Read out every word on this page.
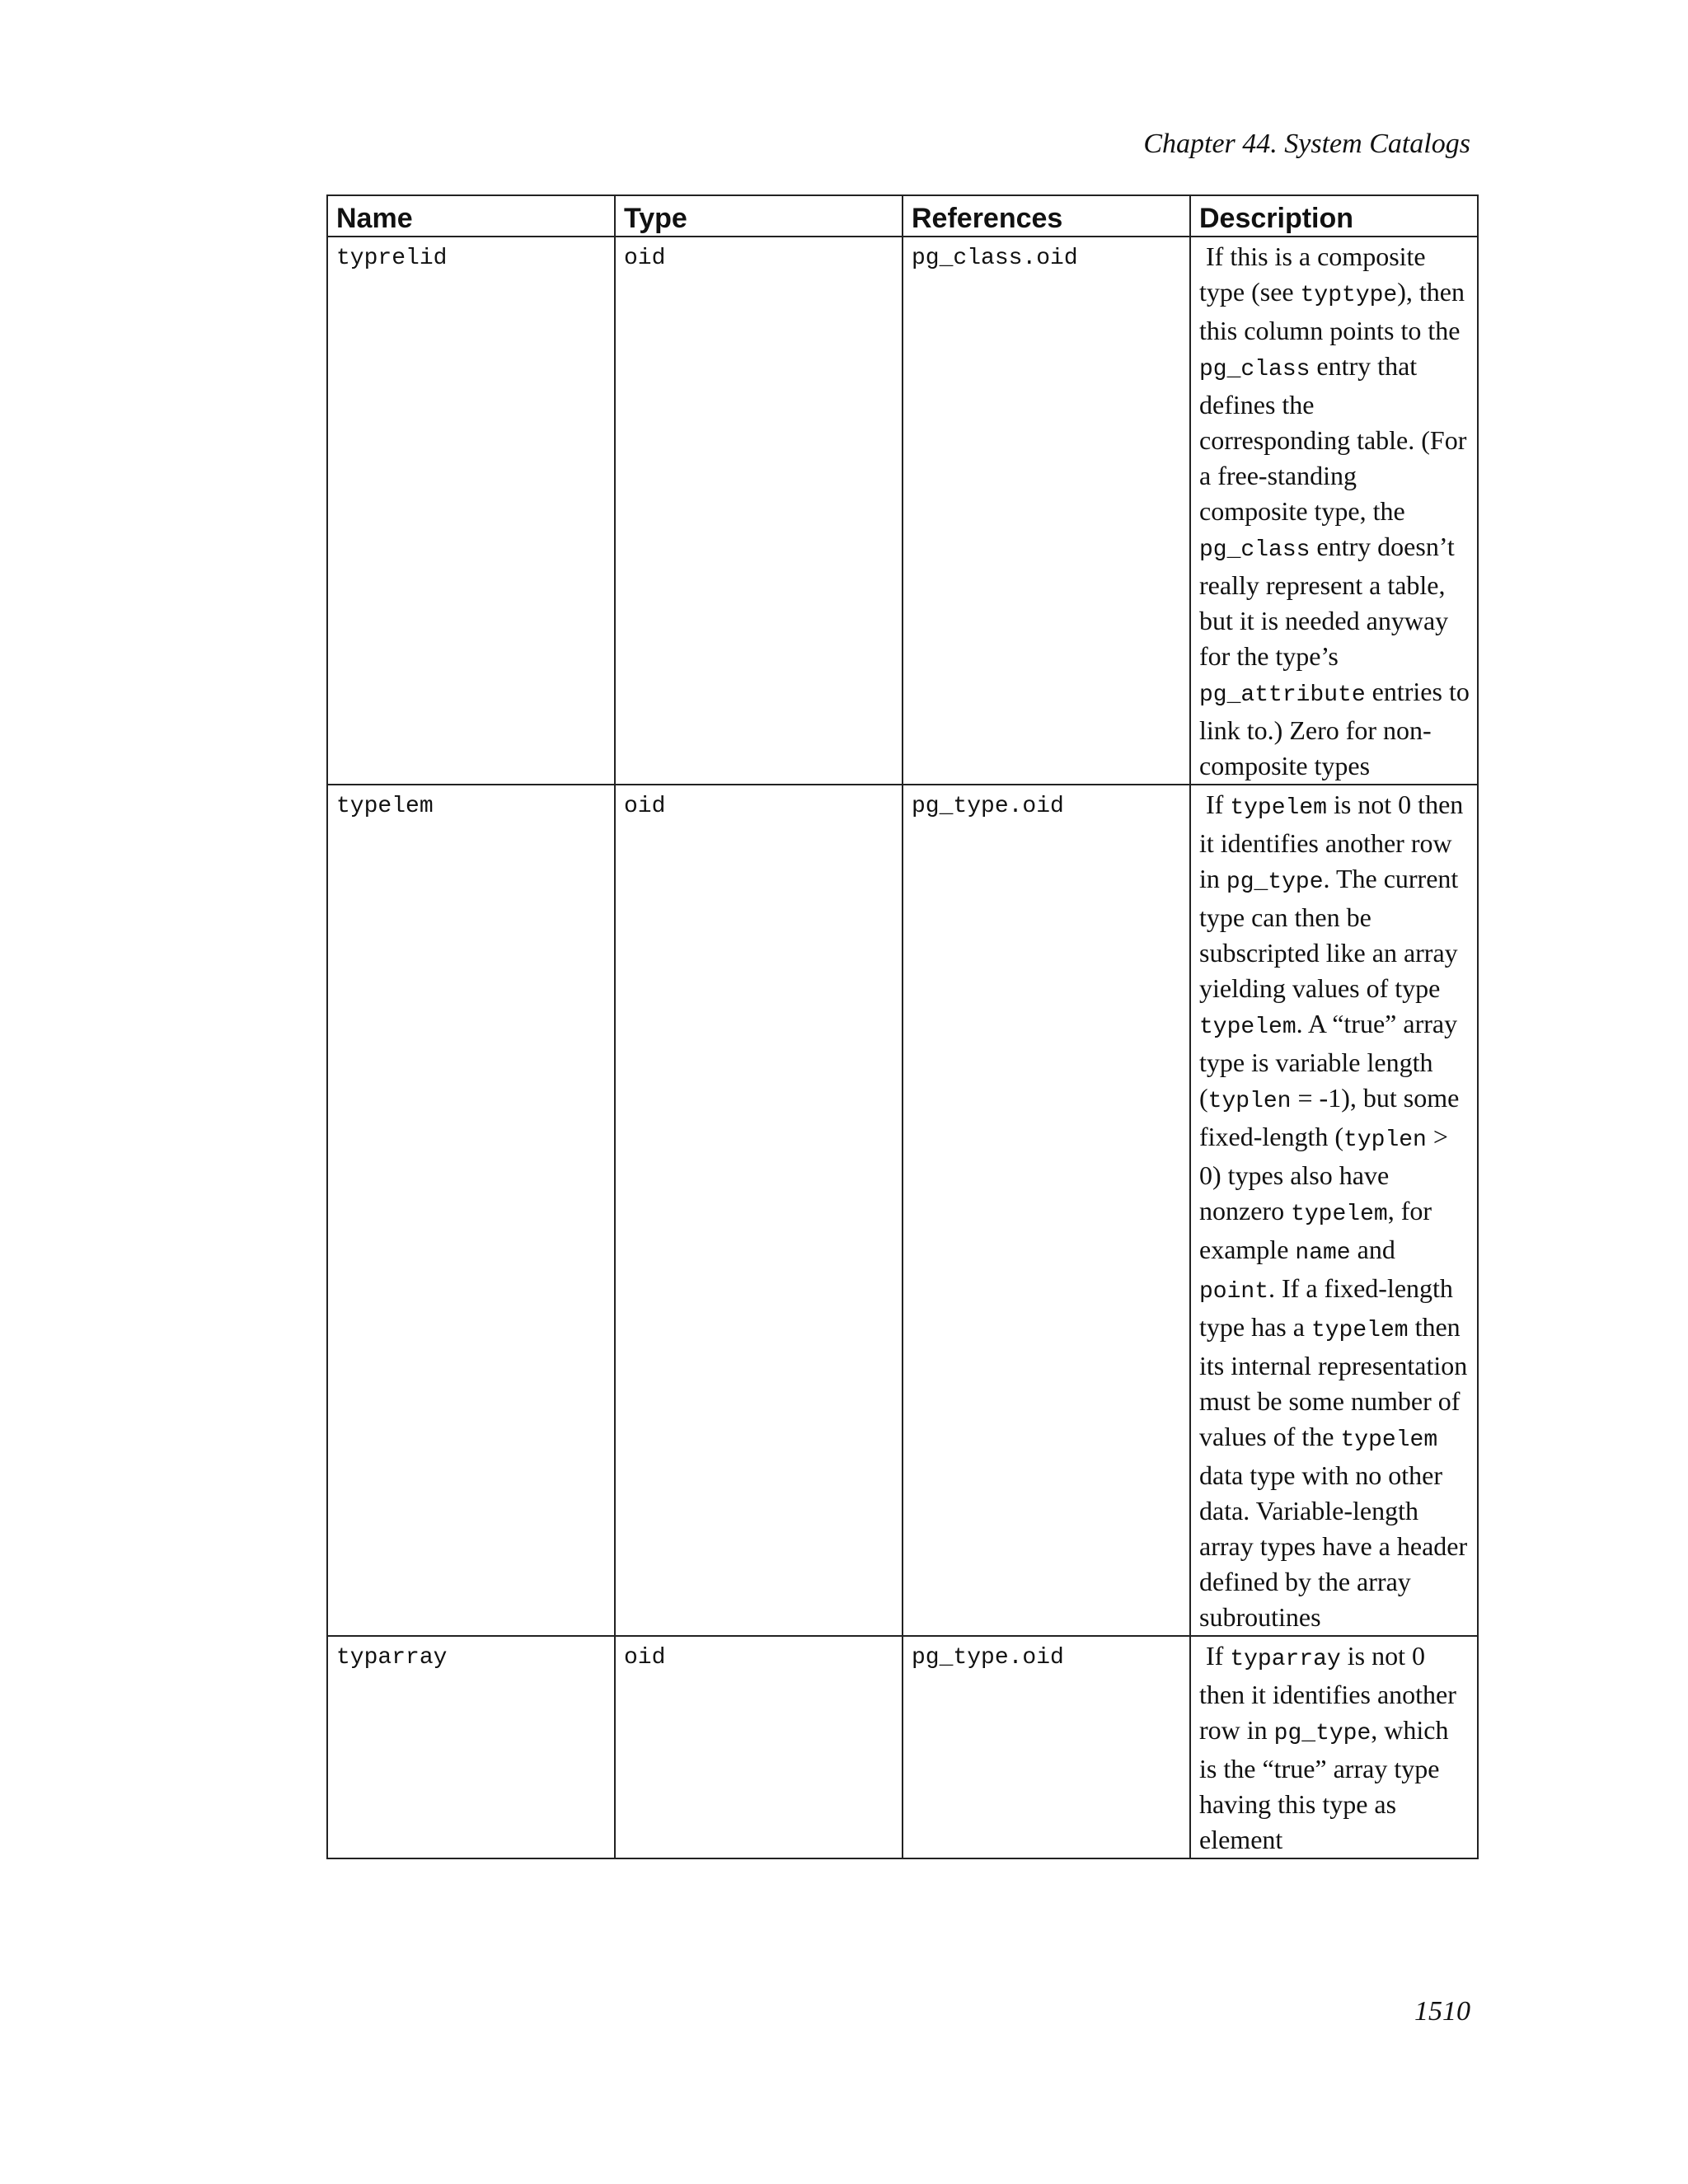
Chapter 44. System Catalogs
Name	Type	References	Description
typrelid	oid	pg_class.oid	If this is a composite type (see typtype), then this column points to the pg_class entry that defines the corresponding table. (For a free-standing composite type, the pg_class entry doesn’t really represent a table, but it is needed anyway for the type’s pg_attribute entries to link to.) Zero for non-composite types
typelem	oid	pg_type.oid	If typelem is not 0 then it identifies another row in pg_type. The current type can then be subscripted like an array yielding values of type typelem. A “true” array type is variable length (typlen = -1), but some fixed-length (typlen > 0) types also have nonzero typelem, for example name and point. If a fixed-length type has a typelem then its internal representation must be some number of values of the typelem data type with no other data. Variable-length array types have a header defined by the array subroutines
typarray	oid	pg_type.oid	If typarray is not 0 then it identifies another row in pg_type, which is the “true” array type having this type as element
1510
